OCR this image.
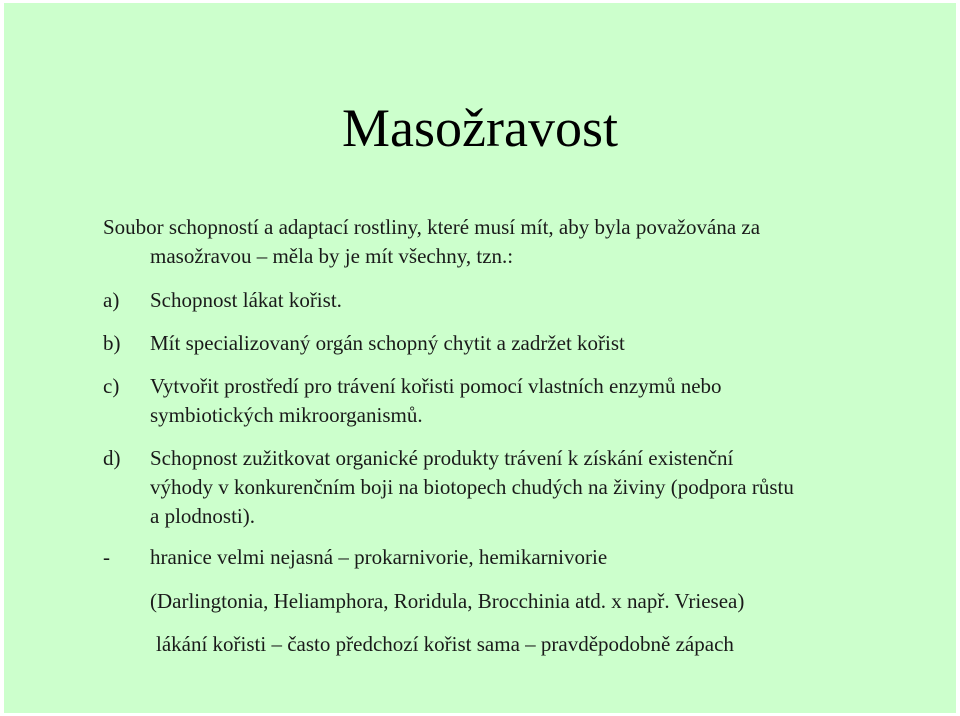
Masožravost
Soubor schopností a adaptací rostliny, které musí mít, aby byla považována za
masožravou – měla by je mít všechny, tzn.:
a) Schopnost lákat kořist.
b) Mít specializovaný orgán schopný chytit a zadržet kořist
c) Vytvořit prostředí pro trávení kořisti pomocí vlastních enzymů nebo
symbiotických mikroorganismů.
d) Schopnost zužitkovat organické produkty trávení k získání existenční
výhody v konkurenčním boji na biotopech chudých na živiny (podpora růstu
a plodnosti).
- hranice velmi nejasná – prokarnivorie, hemikarnivorie
(Darlingtonia, Heliamphora, Roridula, Brocchinia atd. x např. Vriesea)
lákání kořisti – často předchozí kořist sama – pravděpodobně zápach
